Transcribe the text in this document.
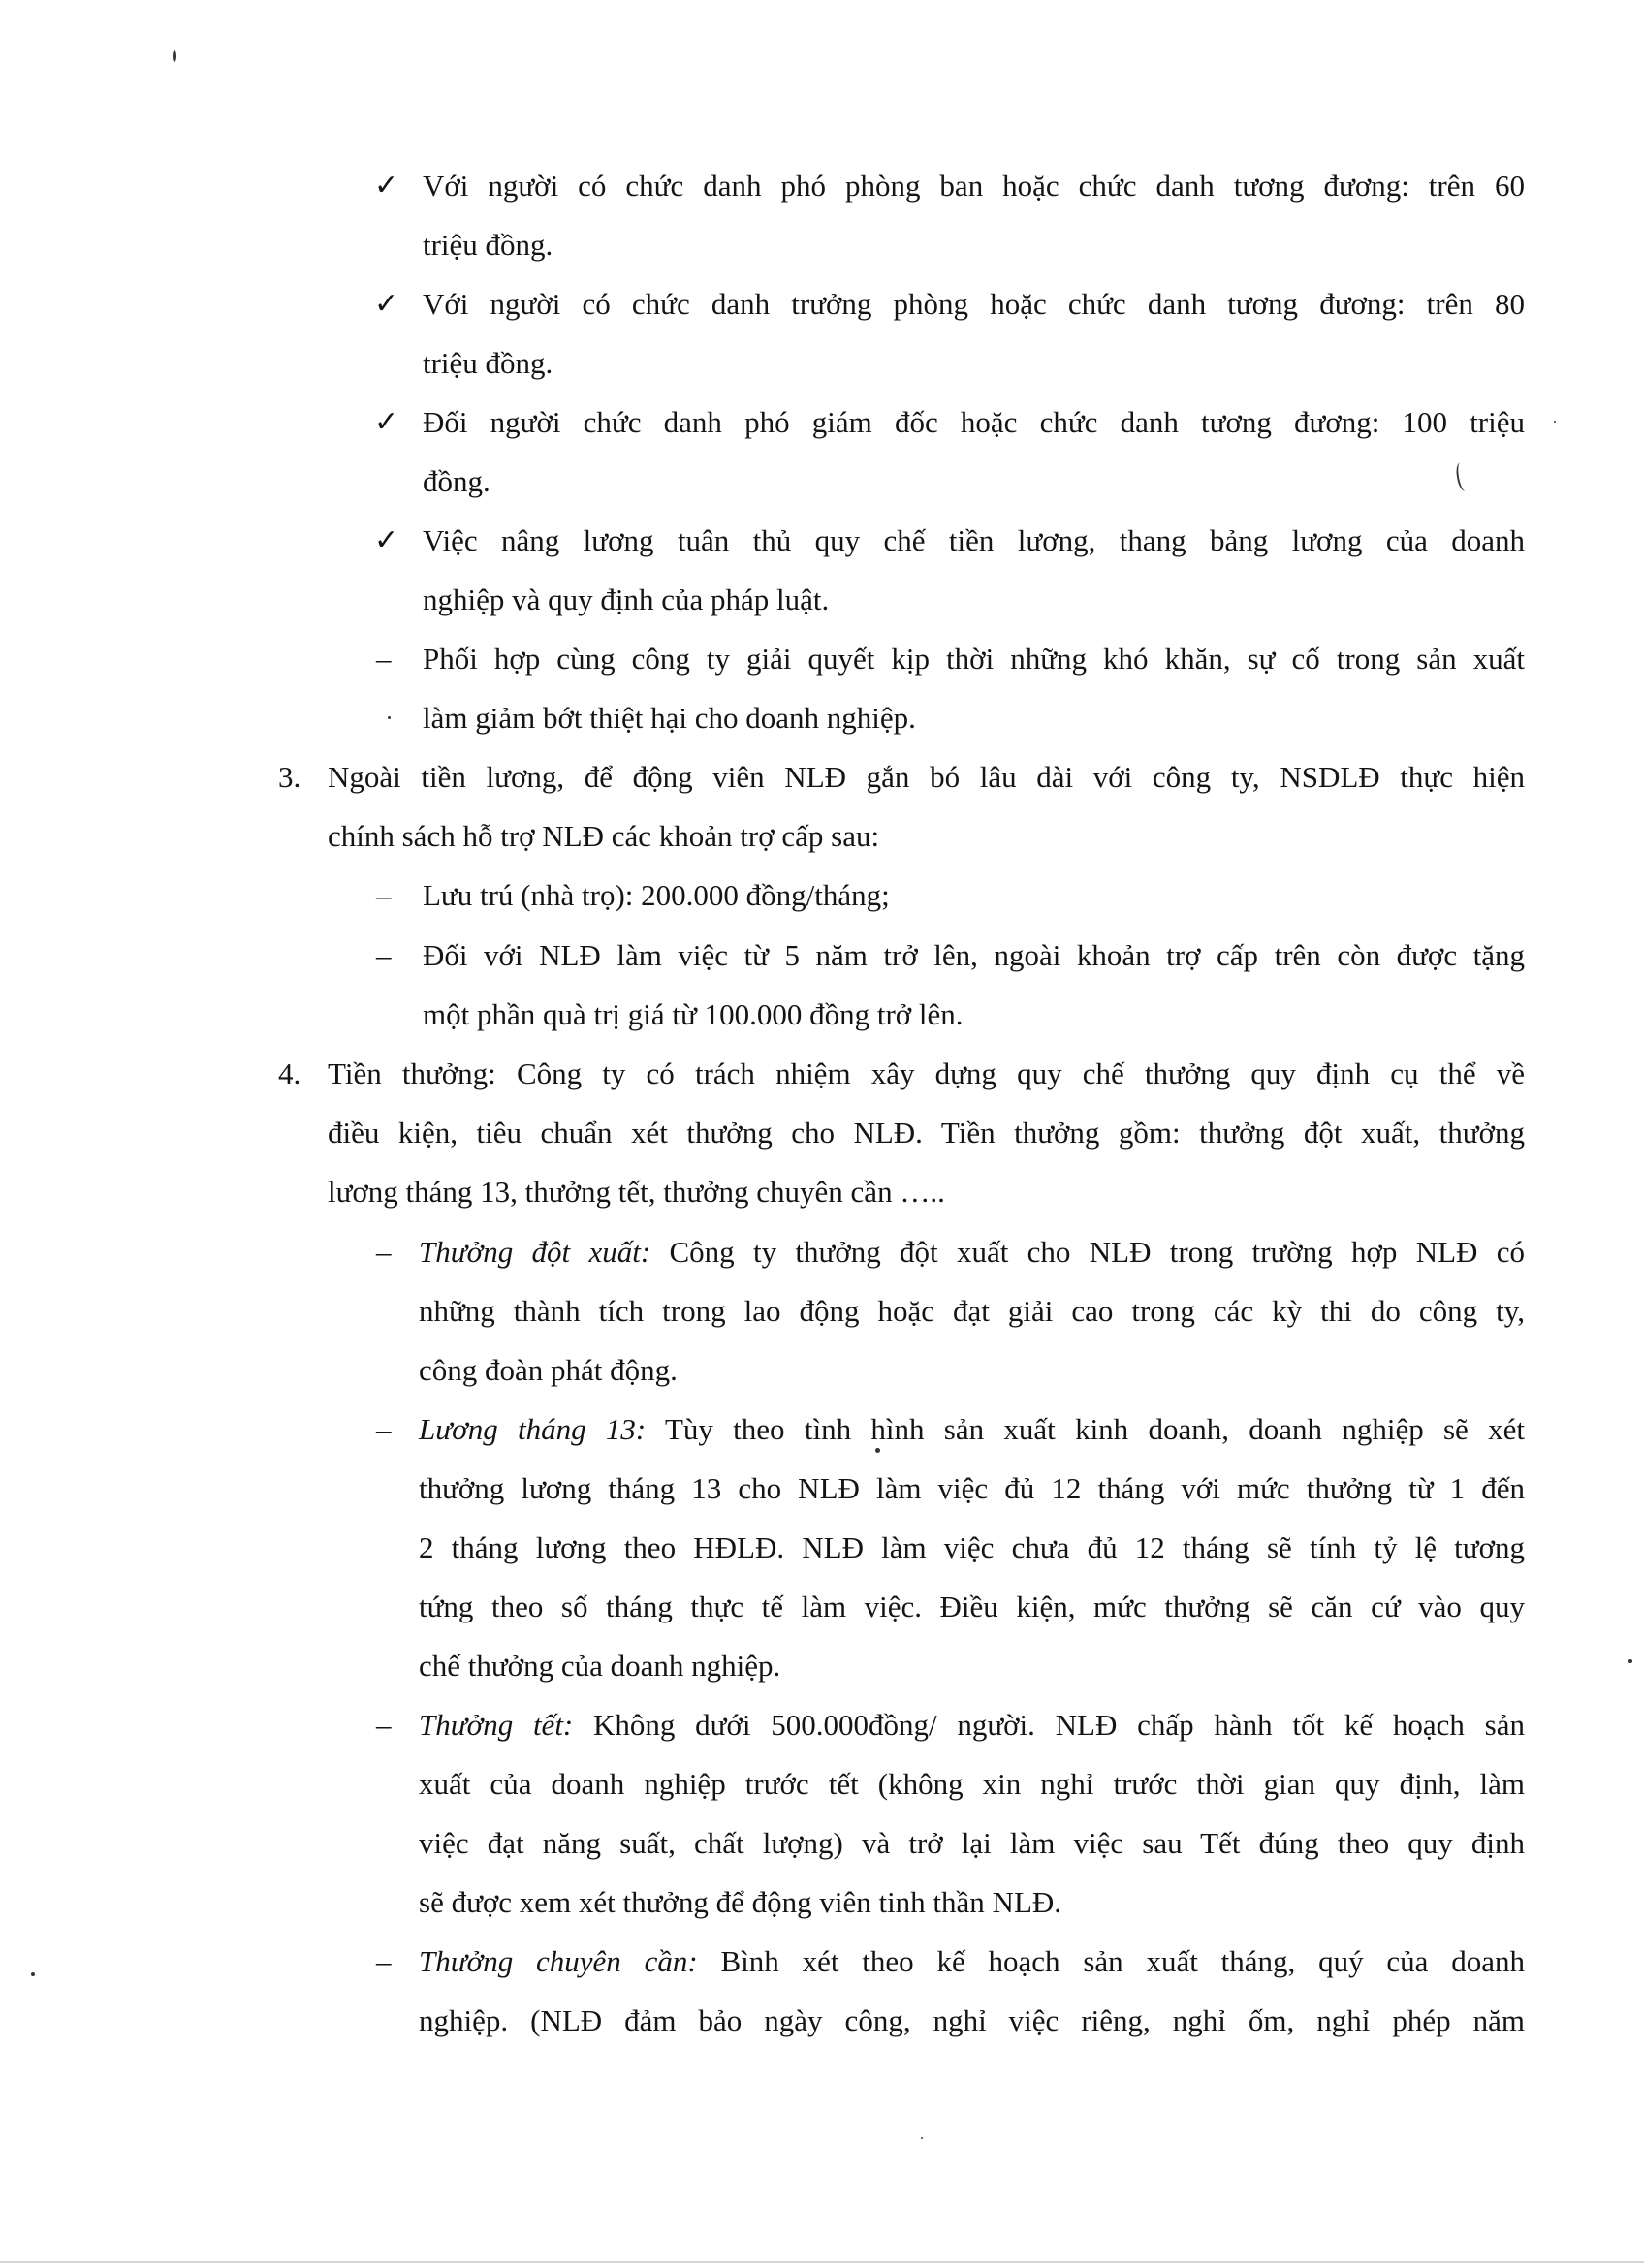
✓ Với người có chức danh phó phòng ban hoặc chức danh tương đương: trên 60
triệu đồng.
✓ Với người có chức danh trưởng phòng hoặc chức danh tương đương: trên 80
triệu đồng.
✓ Đối người chức danh phó giám đốc hoặc chức danh tương đương: 100 triệu
đồng.
✓ Việc nâng lương tuân thủ quy chế tiền lương, thang bảng lương của doanh
nghiệp và quy định của pháp luật.
– Phối hợp cùng công ty giải quyết kịp thời những khó khăn, sự cố trong sản xuất
làm giảm bớt thiệt hại cho doanh nghiệp.
3. Ngoài tiền lương, để động viên NLĐ gắn bó lâu dài với công ty, NSDLĐ thực hiện
chính sách hỗ trợ NLĐ các khoản trợ cấp sau:
– Lưu trú (nhà trọ): 200.000 đồng/tháng;
– Đối với NLĐ làm việc từ 5 năm trở lên, ngoài khoản trợ cấp trên còn được tặng
một phần quà trị giá từ 100.000 đồng trở lên.
4. Tiền thưởng: Công ty có trách nhiệm xây dựng quy chế thưởng quy định cụ thể về
điều kiện, tiêu chuẩn xét thưởng cho NLĐ. Tiền thưởng gồm: thưởng đột xuất, thưởng
lương tháng 13, thưởng tết, thưởng chuyên cần …..
– Thưởng đột xuất: Công ty thưởng đột xuất cho NLĐ trong trường hợp NLĐ có
những thành tích trong lao động hoặc đạt giải cao trong các kỳ thi do công ty,
công đoàn phát động.
– Lương tháng 13: Tùy theo tình hình sản xuất kinh doanh, doanh nghiệp sẽ xét
thưởng lương tháng 13 cho NLĐ làm việc đủ 12 tháng với mức thưởng từ 1 đến
2 tháng lương theo HĐLĐ. NLĐ làm việc chưa đủ 12 tháng sẽ tính tỷ lệ tương
tứng theo số tháng thực tế làm việc. Điều kiện, mức thưởng sẽ căn cứ vào quy
chế thưởng của doanh nghiệp.
– Thưởng tết: Không dưới 500.000đồng/ người. NLĐ chấp hành tốt kế hoạch sản
xuất của doanh nghiệp trước tết (không xin nghỉ trước thời gian quy định, làm
việc đạt năng suất, chất lượng) và trở lại làm việc sau Tết đúng theo quy định
sẽ được xem xét thưởng để động viên tinh thần NLĐ.
– Thưởng chuyên cần: Bình xét theo kế hoạch sản xuất tháng, quý của doanh
nghiệp. (NLĐ đảm bảo ngày công, nghỉ việc riêng, nghỉ ốm, nghỉ phép năm
